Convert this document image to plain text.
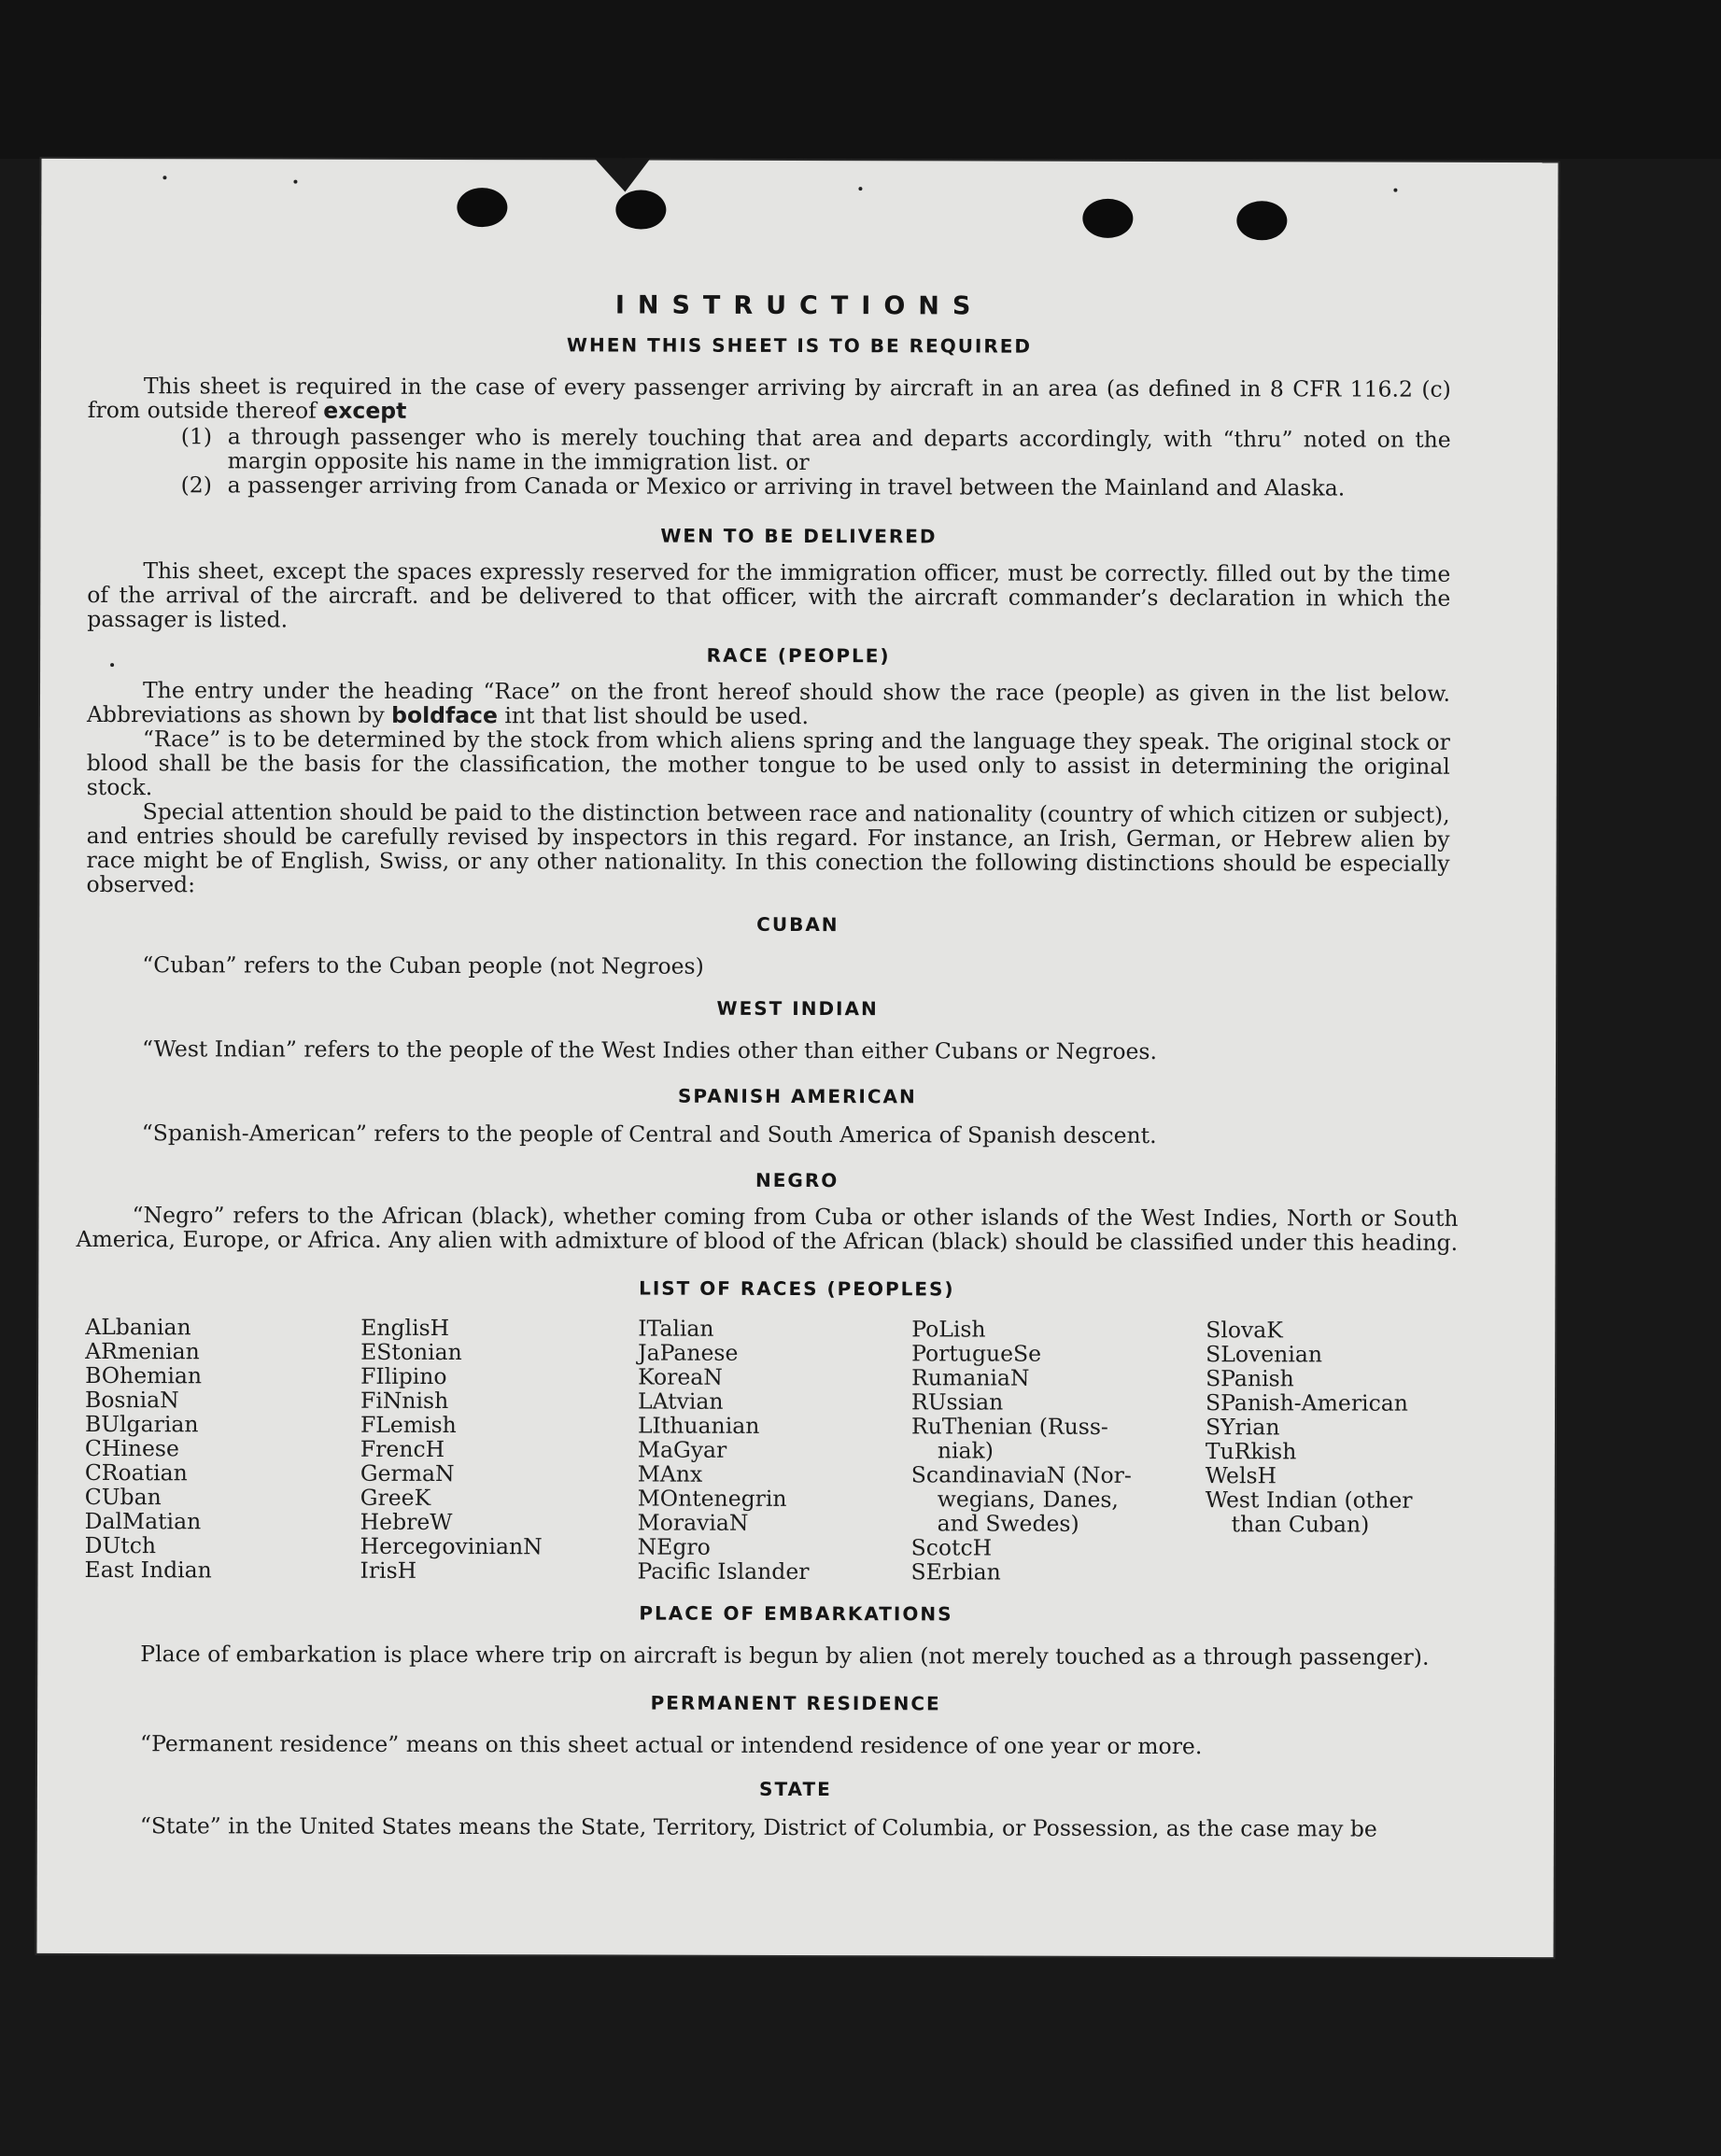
INSTRUCTIONS
WHEN THIS SHEET IS TO BE REQUIRED
This sheet is required in the case of every passenger arriving by aircraft in an area (as defined in 8 CFR 116.2 (c) from outside thereof except
(1) a through passenger who is merely touching that area and departs accordingly, with “thru” noted on the margin opposite his name in the immigration list. or
(2) a passenger arriving from Canada or Mexico or arriving in travel between the Mainland and Alaska.
WEN TO BE DELIVERED
This sheet, except the spaces expressly reserved for the immigration officer, must be correctly. filled out by the time of the arrival of the aircraft. and be delivered to that officer, with the aircraft commander’s declaration in which the passager is listed.
RACE (PEOPLE)
The entry under the heading “Race” on the front hereof should show the race (people) as given in the list below. Abbreviations as shown by boldface int that list should be used.
“Race” is to be determined by the stock from which aliens spring and the language they speak. The original stock or blood shall be the basis for the classification, the mother tongue to be used only to assist in determining the original stock.
Special attention should be paid to the distinction between race and nationality (country of which citizen or subject), and entries should be carefully revised by inspectors in this regard. For instance, an Irish, German, or Hebrew alien by race might be of English, Swiss, or any other nationality. In this conection the following distinctions should be especially observed:
CUBAN
“Cuban” refers to the Cuban people (not Negroes)
WEST INDIAN
“West Indian” refers to the people of the West Indies other than either Cubans or Negroes.
SPANISH AMERICAN
“Spanish-American” refers to the people of Central and South America of Spanish descent.
NEGRO
“Negro” refers to the African (black), whether coming from Cuba or other islands of the West Indies, North or South America, Europe, or Africa. Any alien with admixture of blood of the African (black) should be classified under this heading.
LIST OF RACES (PEOPLES)
ALbanian
ARmenian
BOhemian
BosniaN
BUlgarian
CHinese
CRoatian
CUban
DalMatian
DUtch
East Indian
EnglisH
EStonian
FIlipino
FiNnish
FLemish
FrencH
GermaN
GreeK
HebreW
HercegovinianN
IrisH
ITalian
JaPanese
KoreaN
LAtvian
LIthuanian
MaGyar
MAnx
MOntenegrin
MoraviaN
NEgro
Pacific Islander
PoLish
PortugueSe
RumaniaN
RUssian
RuThenian (Russ-
niak)
ScandinaviaN (Nor-
wegians, Danes,
and Swedes)
ScotcH
SErbian
SlovaK
SLovenian
SPanish
SPanish-American
SYrian
TuRkish
WelsH
West Indian (other
than Cuban)
PLACE OF EMBARKATIONS
Place of embarkation is place where trip on aircraft is begun by alien (not merely touched as a through passenger).
PERMANENT RESIDENCE
“Permanent residence” means on this sheet actual or intendend residence of one year or more.
STATE
“State” in the United States means the State, Territory, District of Columbia, or Possession, as the case may be
